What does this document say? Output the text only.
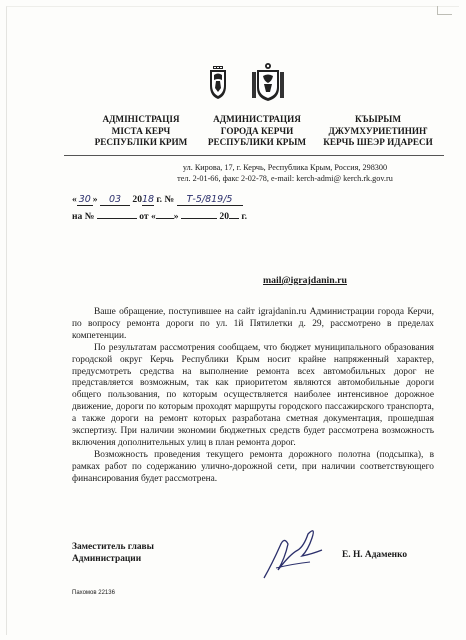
АДМІНІСТРАЦІЯ
МІСТА КЕРЧ
РЕСПУБЛІКИ КРИМ
АДМИНИСТРАЦИЯ
ГОРОДА КЕРЧИ
РЕСПУБЛИКИ КРЫМ
КЪЫРЫМ
ДЖУМХУРИЕТИНИҤ
КЕРЧЬ ШЕЭР ИДАРЕСИ
ул. Кирова, 17, г. Керчь, Республика Крым, Россия, 298300
тел. 2-01-66, факс 2-02-78, e-mail: kerch-admi@ kerch.rk.gov.ru
« 30 » 03 2018 г. № Т-5/819/5
на №	от « »	20 г.
mail@igrajdanin.ru

Ваше обращение, поступившее на сайт igrajdanin.ru Администрации города Керчи, по вопросу ремонта дороги по ул. 1й Пятилетки д. 29, рассмотрено в пределах компетенции.

По результатам рассмотрения сообщаем, что бюджет муниципального образования городской округ Керчь Республики Крым носит крайне напряженный характер, предусмотреть средства на выполнение ремонта всех автомобильных дорог не представляется возможным, так как приоритетом являются автомобильные дороги общего пользования, по которым осуществляется наиболее интенсивное дорожное движение, дороги по которым проходят маршруты городского пассажирского транспорта, а также дороги на ремонт которых разработана сметная документация, прошедшая экспертизу. При наличии экономии бюджетных средств будет рассмотрена возможность включения дополнительных улиц в план ремонта дорог.

Возможность проведения текущего ремонта дорожного полотна (подсыпка), в рамках работ по содержанию улично-дорожной сети, при наличии соответствующего финансирования будет рассмотрена.

Заместитель главы
Администрации	Е. Н. Адаменко
Пахомов 22136
